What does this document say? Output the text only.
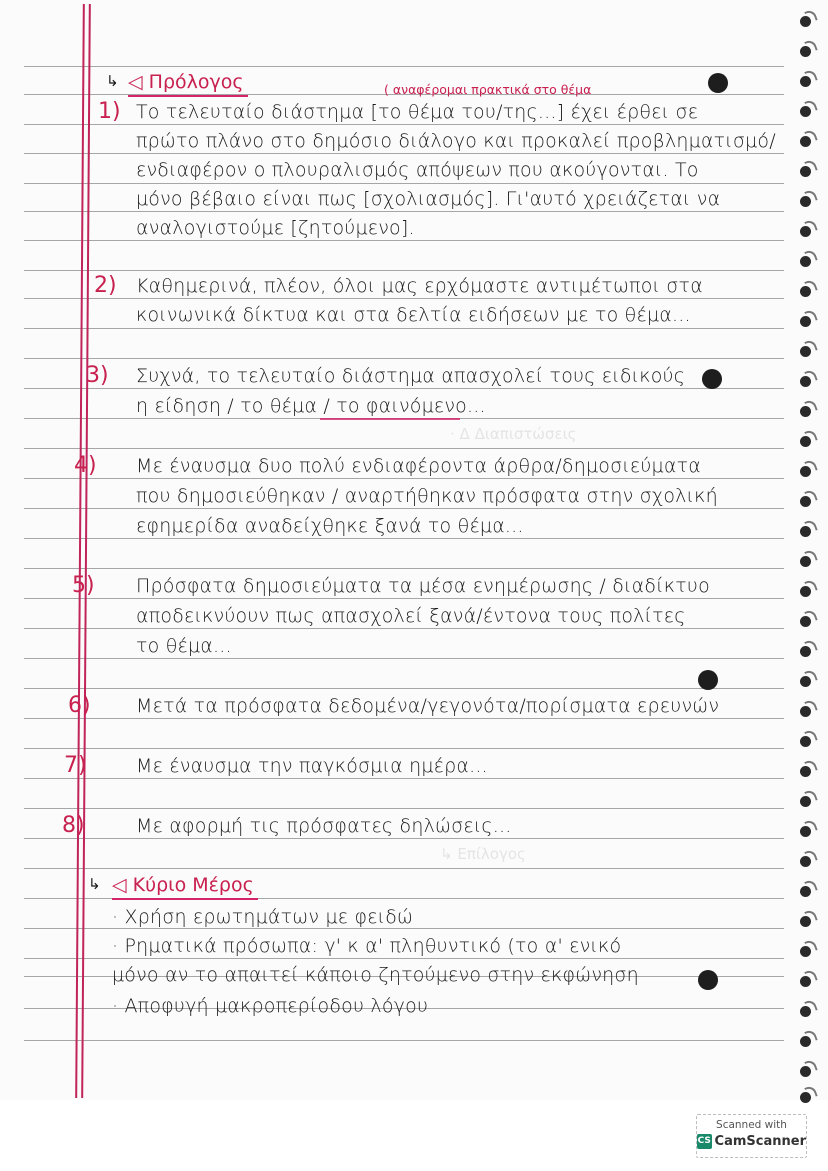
· Δ Διαπιστώσεις
↳ Επίλογος
↳ ◁ Πρόλογος	( αναφέρομαι πρακτικά στο θέμα
1) Το τελευταίο διάστημα [το θέμα του/της...] έχει έρθει σε
πρώτο πλάνο στο δημόσιο διάλογο και προκαλεί προβληματισμό/
ενδιαφέρον ο πλουραλισμός απόψεων που ακούγονται. Το
μόνο βέβαιο είναι πως [σχολιασμός]. Γι'αυτό χρειάζεται να
αναλογιστούμε [ζητούμενο].
2) Καθημερινά, πλέον, όλοι μας ερχόμαστε αντιμέτωποι στα
κοινωνικά δίκτυα και στα δελτία ειδήσεων με το θέμα...
3) Συχνά, το τελευταίο διάστημα απασχολεί τους ειδικούς
η είδηση / το θέμα / το φαινόμενο...
4) Με έναυσμα δυο πολύ ενδιαφέροντα άρθρα/δημοσιεύματα
που δημοσιεύθηκαν / αναρτήθηκαν πρόσφατα στην σχολική
εφημερίδα αναδείχθηκε ξανά το θέμα...
5) Πρόσφατα δημοσιεύματα τα μέσα ενημέρωσης / διαδίκτυο
αποδεικνύουν πως απασχολεί ξανά/έντονα τους πολίτες
το θέμα...
6) Μετά τα πρόσφατα δεδομένα/γεγονότα/πορίσματα ερευνών
7)	Με έναυσμα την παγκόσμια ημέρα...
8)	Με αφορμή τις πρόσφατες δηλώσεις...
↳ ◁ Κύριο Μέρος
· Χρήση ερωτημάτων με φειδώ
· Ρηματικά πρόσωπα: γ' κ α' πληθυντικό (το α' ενικό
μόνο αν το απαιτεί κάποιο ζητούμενο στην εκφώνηση
· Αποφυγή μακροπερίοδου λόγου
Scanned with
CS CamScanner
